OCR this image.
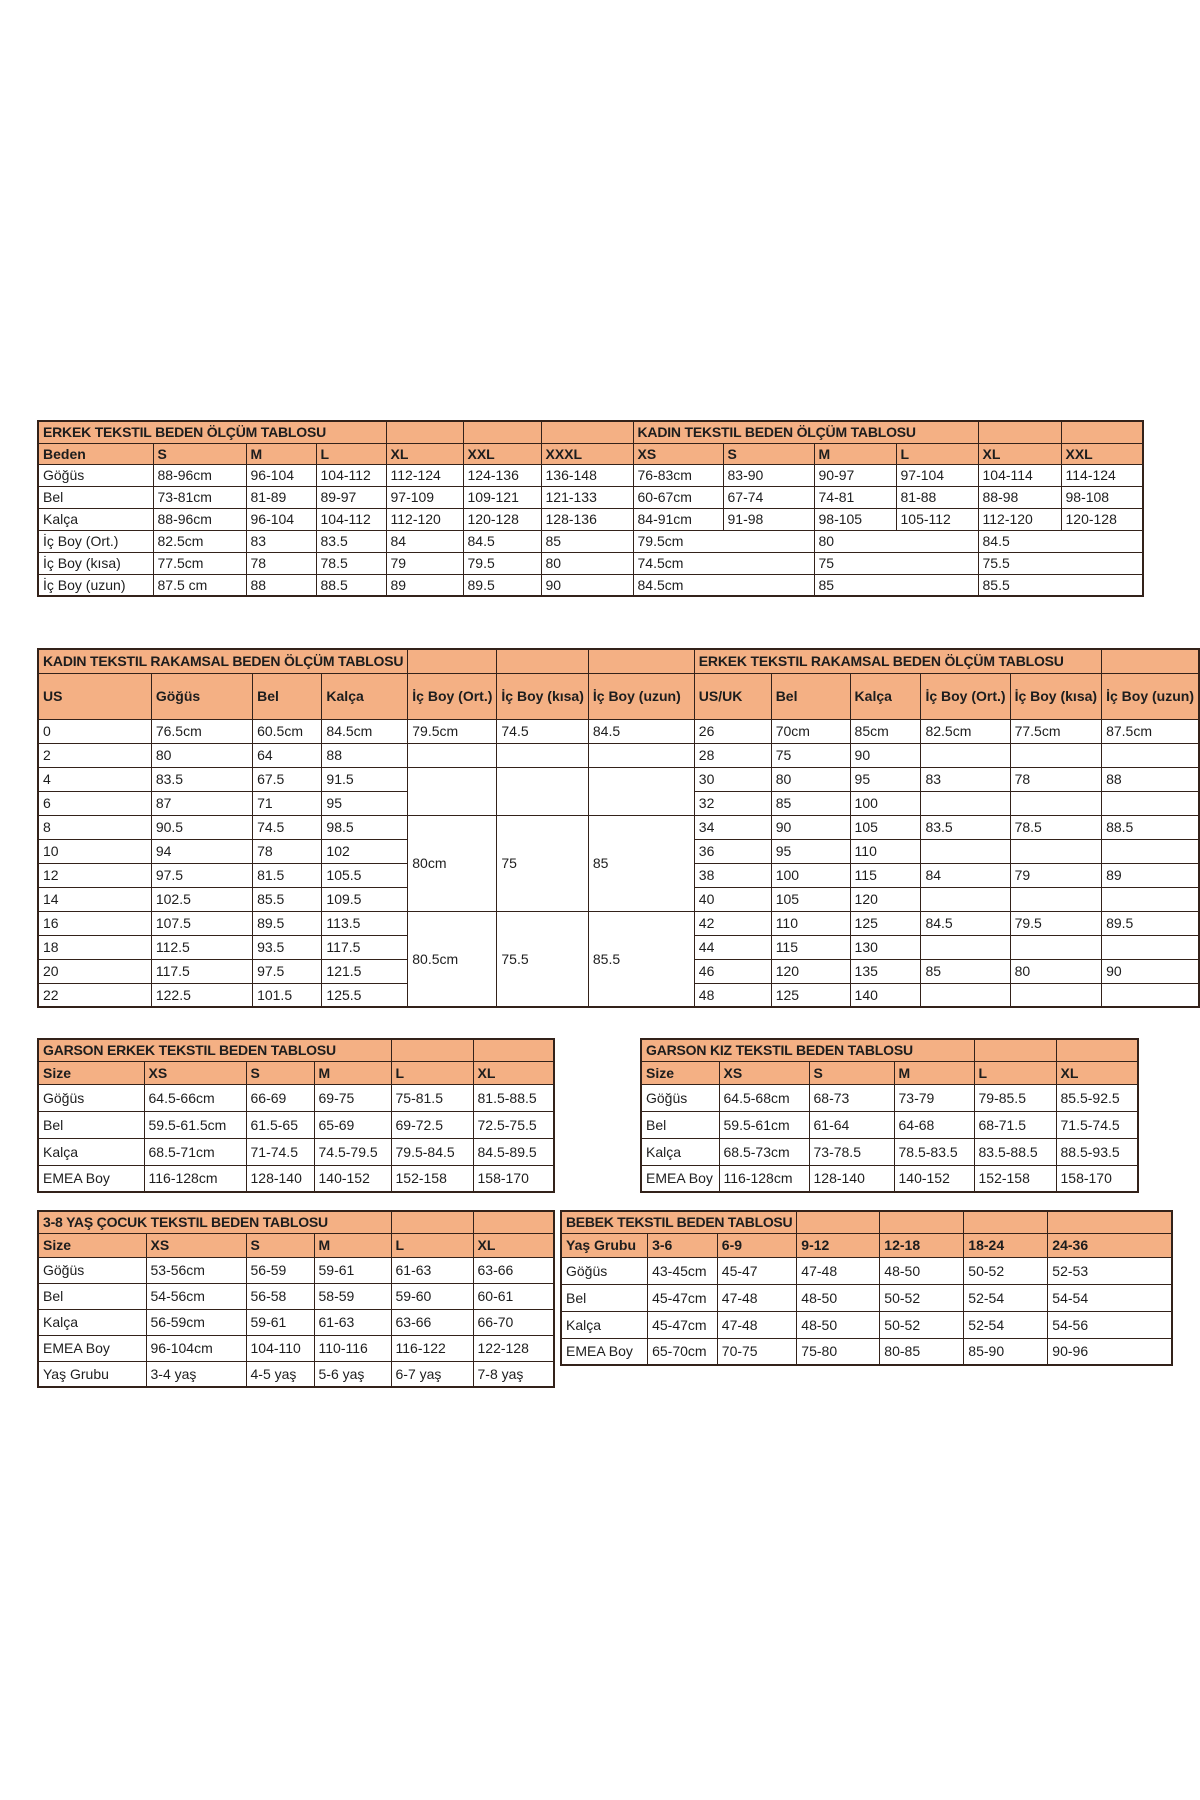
ERKEK TEKSTIL BEDEN ÖLÇÜM TABLOSU							KADIN TEKSTIL BEDEN ÖLÇÜM TABLOSU					
Beden	S	M	L	XL	XXL	XXXL	XS	S	M	L	XL	XXL
Göğüs	88-96cm	96-104	104-112	112-124	124-136	136-148	76-83cm	83-90	90-97	97-104	104-114	114-124
Bel	73-81cm	81-89	89-97	97-109	109-121	121-133	60-67cm	67-74	74-81	81-88	88-98	98-108
Kalça	88-96cm	96-104	104-112	112-120	120-128	128-136	84-91cm	91-98	98-105	105-112	112-120	120-128
İç Boy (Ort.)	82.5cm	83	83.5	84	84.5	85	79.5cm		80		84.5	
İç Boy (kısa)	77.5cm	78	78.5	79	79.5	80	74.5cm		75		75.5	
İç Boy (uzun)	87.5 cm	88	88.5	89	89.5	90	84.5cm		85		85.5	
KADIN TEKSTIL RAKAMSAL BEDEN ÖLÇÜM TABLOSU							ERKEK TEKSTIL RAKAMSAL BEDEN ÖLÇÜM TABLOSU					
US	Göğüs	Bel	Kalça	İç Boy (Ort.)	İç Boy (kısa)	İç Boy (uzun)	US/UK	Bel	Kalça	İç Boy (Ort.)	İç Boy (kısa)	İç Boy (uzun)
0	76.5cm	60.5cm	84.5cm	79.5cm	74.5	84.5	26	70cm	85cm	82.5cm	77.5cm	87.5cm
2	80	64	88				28	75	90			
4	83.5	67.5	91.5				30	80	95	83	78	88
6	87	71	95				32	85	100			
8	90.5	74.5	98.5	80cm	75	85	34	90	105	83.5	78.5	88.5
10	94	78	102				36	95	110			
12	97.5	81.5	105.5				38	100	115	84	79	89
14	102.5	85.5	109.5				40	105	120			
16	107.5	89.5	113.5	80.5cm	75.5	85.5	42	110	125	84.5	79.5	89.5
18	112.5	93.5	117.5				44	115	130			
20	117.5	97.5	121.5				46	120	135	85	80	90
22	122.5	101.5	125.5				48	125	140			
GARSON ERKEK TEKSTIL BEDEN TABLOSU					
Size	XS	S	M	L	XL
Göğüs	64.5-66cm	66-69	69-75	75-81.5	81.5-88.5
Bel	59.5-61.5cm	61.5-65	65-69	69-72.5	72.5-75.5
Kalça	68.5-71cm	71-74.5	74.5-79.5	79.5-84.5	84.5-89.5
EMEA Boy	116-128cm	128-140	140-152	152-158	158-170
GARSON KIZ TEKSTIL BEDEN TABLOSU					
Size	XS	S	M	L	XL
Göğüs	64.5-68cm	68-73	73-79	79-85.5	85.5-92.5
Bel	59.5-61cm	61-64	64-68	68-71.5	71.5-74.5
Kalça	68.5-73cm	73-78.5	78.5-83.5	83.5-88.5	88.5-93.5
EMEA Boy	116-128cm	128-140	140-152	152-158	158-170
3-8 YAŞ ÇOCUK TEKSTIL BEDEN TABLOSU					
Size	XS	S	M	L	XL
Göğüs	53-56cm	56-59	59-61	61-63	63-66
Bel	54-56cm	56-58	58-59	59-60	60-61
Kalça	56-59cm	59-61	61-63	63-66	66-70
EMEA Boy	96-104cm	104-110	110-116	116-122	122-128
Yaş Grubu	3-4 yaş	4-5 yaş	5-6 yaş	6-7 yaş	7-8 yaş
BEBEK TEKSTIL BEDEN TABLOSU						
Yaş Grubu	3-6	6-9	9-12	12-18	18-24	24-36
Göğüs	43-45cm	45-47	47-48	48-50	50-52	52-53
Bel	45-47cm	47-48	48-50	50-52	52-54	54-54
Kalça	45-47cm	47-48	48-50	50-52	52-54	54-56
EMEA Boy	65-70cm	70-75	75-80	80-85	85-90	90-96
